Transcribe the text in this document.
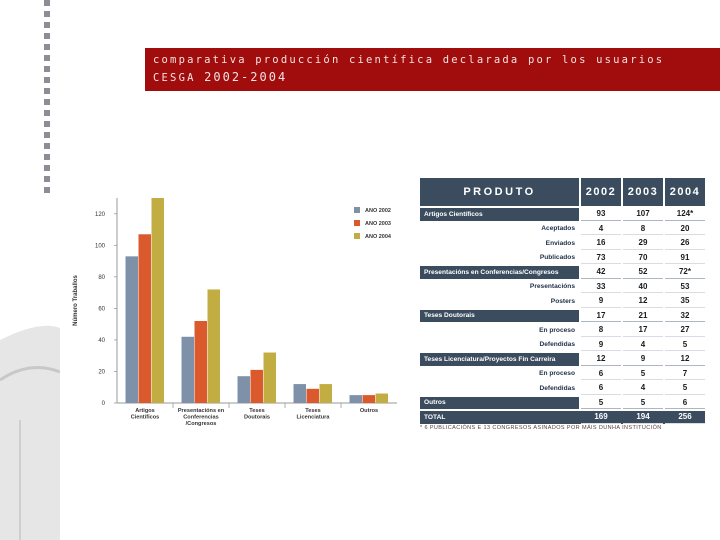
comparativa producción científica declarada por los usuarios
CESGA 2002-2004
0
20
40
60
80
100
120
Número Traballos
Artigos
Científicos
Presentacións en
Conferencias
/Congresos
Teses
Doutorais
Teses
Licenciatura
Outros
ANO 2002
ANO 2003
ANO 2004
PRODUTO		2002		2003		2004
Artigos Científicos		93		107		124*
Aceptados		4		8		20
Enviados		16		29		26
Publicados		73		70		91
Presentacións en Conferencias/Congresos		42		52		72*
Presentacións		33		40		53
Posters		9		12		35
Teses Doutorais		17		21		32
En proceso		8		17		27
Defendidas		9		4		5
Teses Licenciatura/Proyectos Fin Carreira		12		9		12
En proceso		6		5		7
Defendidas		6		4		5
Outros		5		5		6
TOTAL		169		194		256
* 6 PUBLICACIÓNS E 13 CONGRESOS ASINADOS POR MÁIS DUNHA INSTITUCIÓN
